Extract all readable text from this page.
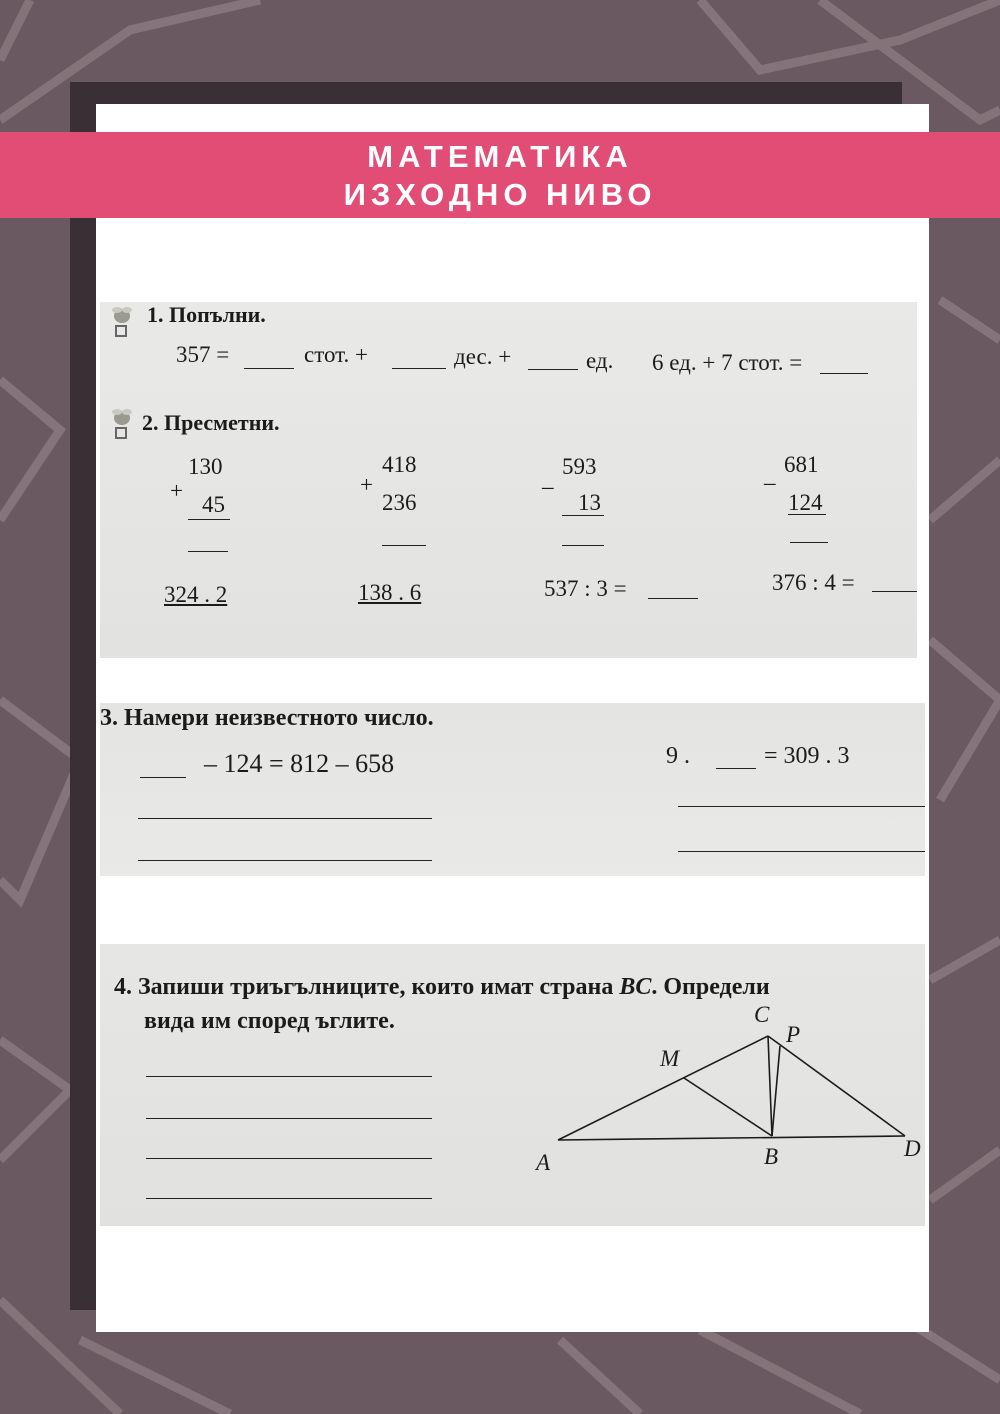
МАТЕМАТИКА
ИЗХОДНО НИВО
1. Попълни.
357 =	стот. +	дес. +	ед. 6 ед. + 7 стот. =
2. Пресметни.
130
+
45
418
+
236
593
_
13
681
_
124
324 . 2	138 . 6	537 : 3 =	376 : 4 =
3. Намери неизвестното число.
– 124 = 812 – 658	9 .	= 309 . 3
4. Запиши триъгълниците, които имат страна BC. Определи
вида им според ъглите.
A	B
C
D
M
P
